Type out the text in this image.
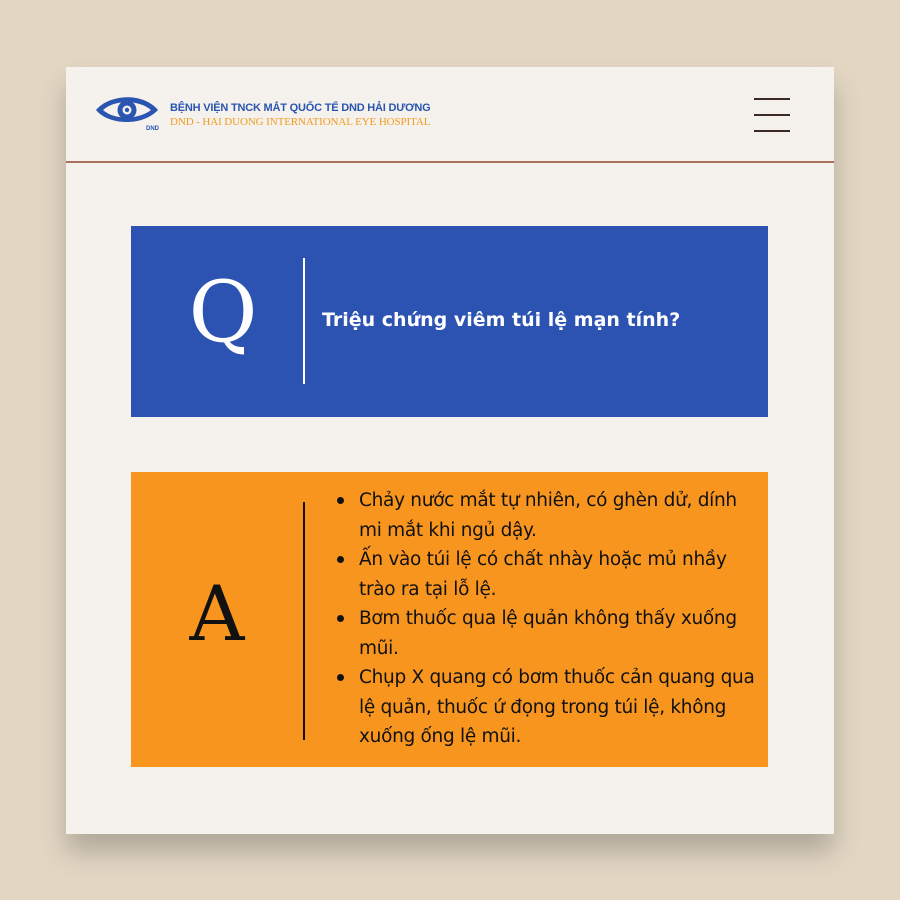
DND
BỆNH VIỆN TNCK MẮT QUỐC TẾ DND HẢI DƯƠNG
DND - HAI DUONG INTERNATIONAL EYE HOSPITAL
Q	Triệu chứng viêm túi lệ mạn tính?
A
Chảy nước mắt tự nhiên, có ghèn dử, dính mi mắt khi ngủ dậy.
Ấn vào túi lệ có chất nhày hoặc mủ nhầy trào ra tại lỗ lệ.
Bơm thuốc qua lệ quản không thấy xuống mũi.
Chụp X quang có bơm thuốc cản quang qua lệ quản, thuốc ứ đọng trong túi lệ, không xuống ống lệ mũi.
